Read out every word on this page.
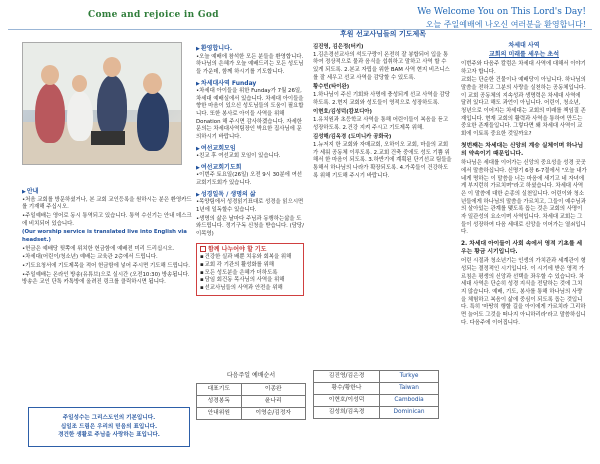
Come and rejoice in God	We Welcome You on This Lord's Day!
오늘 주일예배에 나오신 여러분을 환영합니다!
▶ 안내
•처음 교회를 방문하셨거나, 본 교회 교인등록을 원하시는 분은 환영카드를 기재해 주십시오.
•주일예배는 영어로 동시 통역되고 있습니다. 통역 수신기는 안내 데스크에 비치되어 있습니다.
(Our worship service is translated live into English via headset.)
•헌금은 예배당 뒷쪽에 위치한 헌금함에 예배전 미리 드리십시오.
•차세대(어린이/청소년) 예배는 교육관 2층에서 드립니다.
•기도요청서에 기도제목을 적어 헌금함에 넣어 주시면 기도해 드립니다.
•주일예배는 온라인 방송(유튜브)으로 실시간 (오전10:30) 방송됩니다. 방송은 교인 단톡 카톡방에 올려진 링크를 클릭하시면 됩니다.
주일성수는 그리스도인의 기본입니다.
십일조 드림은 우리의 믿음의 표입니다.
경건한 생활로 주님을 사랑하는 표입니다.
▶ 환영합니다.
•오늘 예배에 참석한 모든 분들을 환영합니다. 하나님의 은혜가 오늘 예배드리는 모든 성도님들 가운데, 함께 하시기를 기도합니다.
▶ 차세대사역 Funday
•차세대 아이들을 위한 Funday가 7월 26일, 차세대 예배실에서 있습니다. 차세대 아이들을 향한 마음이 있으신 성도님들의 도움이 필요합니다. 또한 봉사로 아이들 사역을 위해 Donation 해 주시면 감사하겠습니다. 자세한 문의는 차세대사역팀장인 박요한 집사님에 문의하시기 바랍니다.
▶ 여선교회모임
•친교 후 여선교회 모임이 있습니다.
▶ 여선교회기도회
•이번주 토요일(26일) 오전 9시 30분에 여선교회기도회가 있습니다.
▶ 성경일독 / 생명의 삶
•목양팀에서 성경읽기표대로 성경을 읽으시면 1년에 일독할수 있습니다.
•생명의 삶은 날마다 주님과 동행하는삶을 도와드립니다. 정기구독 신청을 받습니다. (담당/이목영)
함께 나누어야 할 기도
▪ 건강한 실과 배뿐 치유와 회복을 위해
▪ 교회 각 기관의 활성화를 위해
▪ 모든 성도분을 은혜가 더하도록
▪ 담임 회건동 목사님의 사역을 위해
▪ 선교사님들의 사역과 안전을 위해
다음주일 예배순서
대표기도	이종완
성경봉독	윤나리
안내위원	이영순/김정자
후원 선교사님들의 기도제목
김진영, 김은정(터키)
1.김은경선교사의 석도구랑이 온전히 잘 봉합되어 입을 통하여 정상적으로 물과 음식을 섭취하고 말하고 사역 할 수 있게 되도록. 2.본교 자립을 위한 BAM 사역 현지 비즈니스를 잘 세우고 선교 사역을 감당할 수 있도록.
황수빈(타이완)
1.하나님이 주신 기회와 사명에 충성되게 선교 사역을 감당 하도록. 2.현지 교회와 성도들이 영적으로 성장하도록.
이현호/김성덕(캄보디아)
1.유치원과 초등학교 사역을 통해 어린이들이 복음을 듣고 성장하도록. 2.건강 지켜 주시고 기도제목 위해.
김성해/김옥경 (도미니카 공화국)
1.뉴저지 한 교회와 자매교회, 오하이오 교회, 마을의 교회가 세워 공동체 이루도록. 2.교회 건축 중에도 성도 기쁨 위해서 한 마음이 되도록. 3.하반기에 계획된 단기선교 팀들을 통해서 하나님의 나라가 확장되도록. 4.가족들이 건강하도록 위해 기도해 주시기 바랍니다.
김진영/김은경	Turkye
황수/황한나	Taiwan
이현호/이성덕	Cambodia
김성희/김옥경	Dominican
차세대 사역
교회의 미래를 세우는 초석
이번주와 다음주 칼럼은 차세대 사역에 대해서 이야기 하고자 합니다.
교회는 단순한 건물이나 예배당이 아닙니다. 하나님의 말씀을 전하고 그분의 사랑을 실천하는 공동체입니다. 이 교회 공동체의 지속성과 생명력은 차세대 사역에 달려 있다고 해도 과언이 아닙니다. 어린이, 청소년, 청년으로 이어지는 차세대는 교회의 미래를 책임질 존재입니다. 현재 교회의 활력과 사역을 통하여 만드는 중요한 존재들입니다. 그렇다면 왜 차세대 사역이 교회에 이토록 중요한 것일까요?
첫번째는 차세대는 신앙의 계승 실체이며 하나님의 약속이기 때문입니다.
하나님은 세대를 이어가는 신앙의 중요성을 성경 곳곳에서 말씀하십니다. 신명기 6장 6-7절에서 "오늘 내가 네게 명하는 이 말씀을 너는 마음에 새기고 네 자녀에게 부지런히 가르치며"라고 하셨습니다. 차세대 사역은 이 말씀에 대한 순종의 실천입니다. 어린이와 청소년들에게 하나님의 말씀을 가르치고, 그들이 예수님과의 살아있는 관계를 맺도록 돕는 것은 교회의 사명이자 일관성의 요소이며 사역입니다. 차세대 교회는 그들이 성장하여 다음 세대로 신앙을 이어가는 열쇠입니다.
2. 차세대 아이들이 사회 속에서 영적 기초를 세우는 황금 시기입니다.
어린 시절과 청소년기는 인생의 가치관과 세계관이 형성되는 결정적인 시기입니다. 이 시기에 받은 영적 가르침은 평생의 신앙과 선택을 좌우할 수 있습니다. 차세대 사역은 단순히 성경 지식을 전달하는 것에 그치지 않습니다. 예배, 기도, 봉사를 통해 하나님의 사랑을 체험하고 복음이 삶에 중심이 되도록 돕는 것입니다. 특히 '마땅히 행할 길을 아이에게 가르치라 그리하면 늙어도 그것을 떠나지 아니하리라'라고 말씀하십니다. 다음주에 이어집니다.
